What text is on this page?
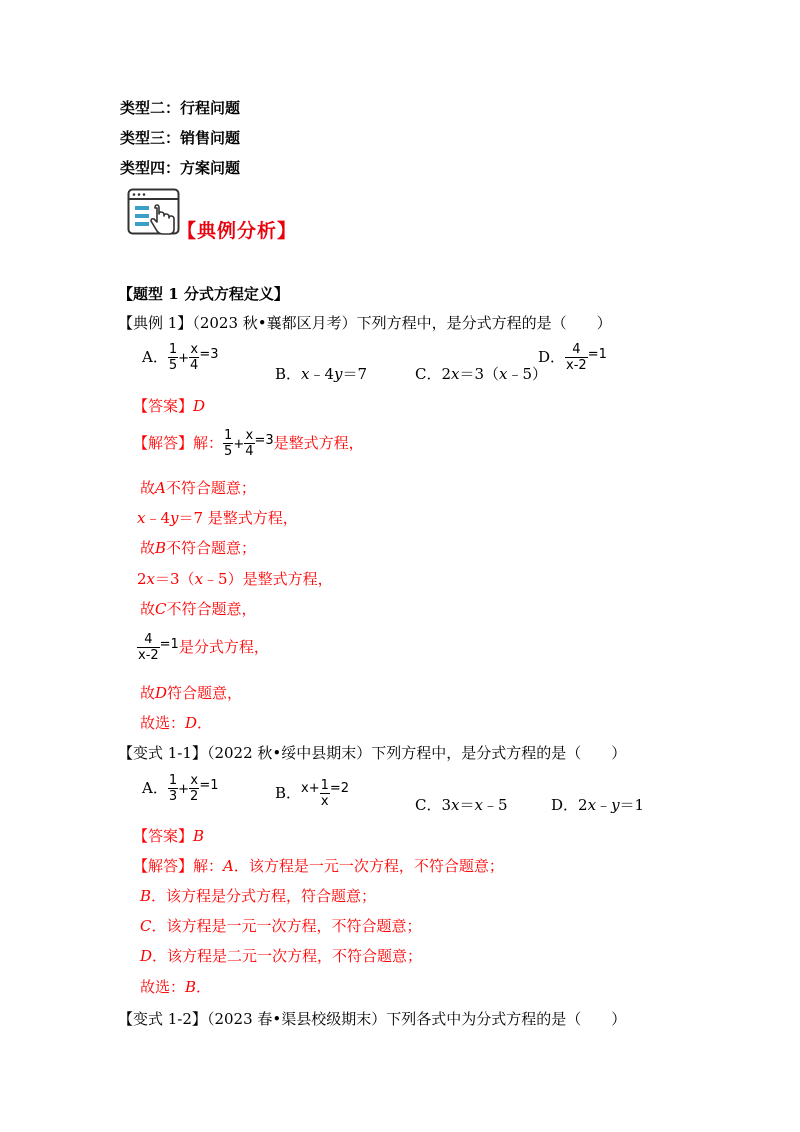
类型二：行程问题
类型三：销售问题
类型四：方案问题
【典例分析】
【题型 1 分式方程定义】
【典例 1】（2023 秋•襄都区月考）下列方程中，是分式方程的是（　　）
A． $\frac{1}{5} + \frac{x}{4} ^{=3}$
B．x﹣4y＝7	C．2x＝3（x﹣5）
D． $\frac{4}{x-2} ^{=1}$
【答案】D
【解答】解： $\frac{1}{5} + \frac{x}{4} ^{=3}$是整式方程，
故A不符合题意；
x﹣4y＝7 是整式方程，
故B不符合题意；
2x＝3（x﹣5）是整式方程，
故C不符合题意，
$\frac{4}{x-2} ^{=1}$是分式方程，
故D符合题意，
故选：D．
【变式 1-1】（2022 秋•绥中县期末）下列方程中，是分式方程的是（　　）
A． $\frac{1}{3} + \frac{x}{2} ^{=1}$	B．$^{x+} \frac{1}{x} ^{=2}$
C．3x＝x﹣5	D．2x﹣y＝1
【答案】B
【解答】解：A．该方程是一元一次方程，不符合题意；
B．该方程是分式方程，符合题意；
C．该方程是一元一次方程，不符合题意；
D．该方程是二元一次方程，不符合题意；
故选：B．
【变式 1-2】（2023 春•渠县校级期末）下列各式中为分式方程的是（　　）
